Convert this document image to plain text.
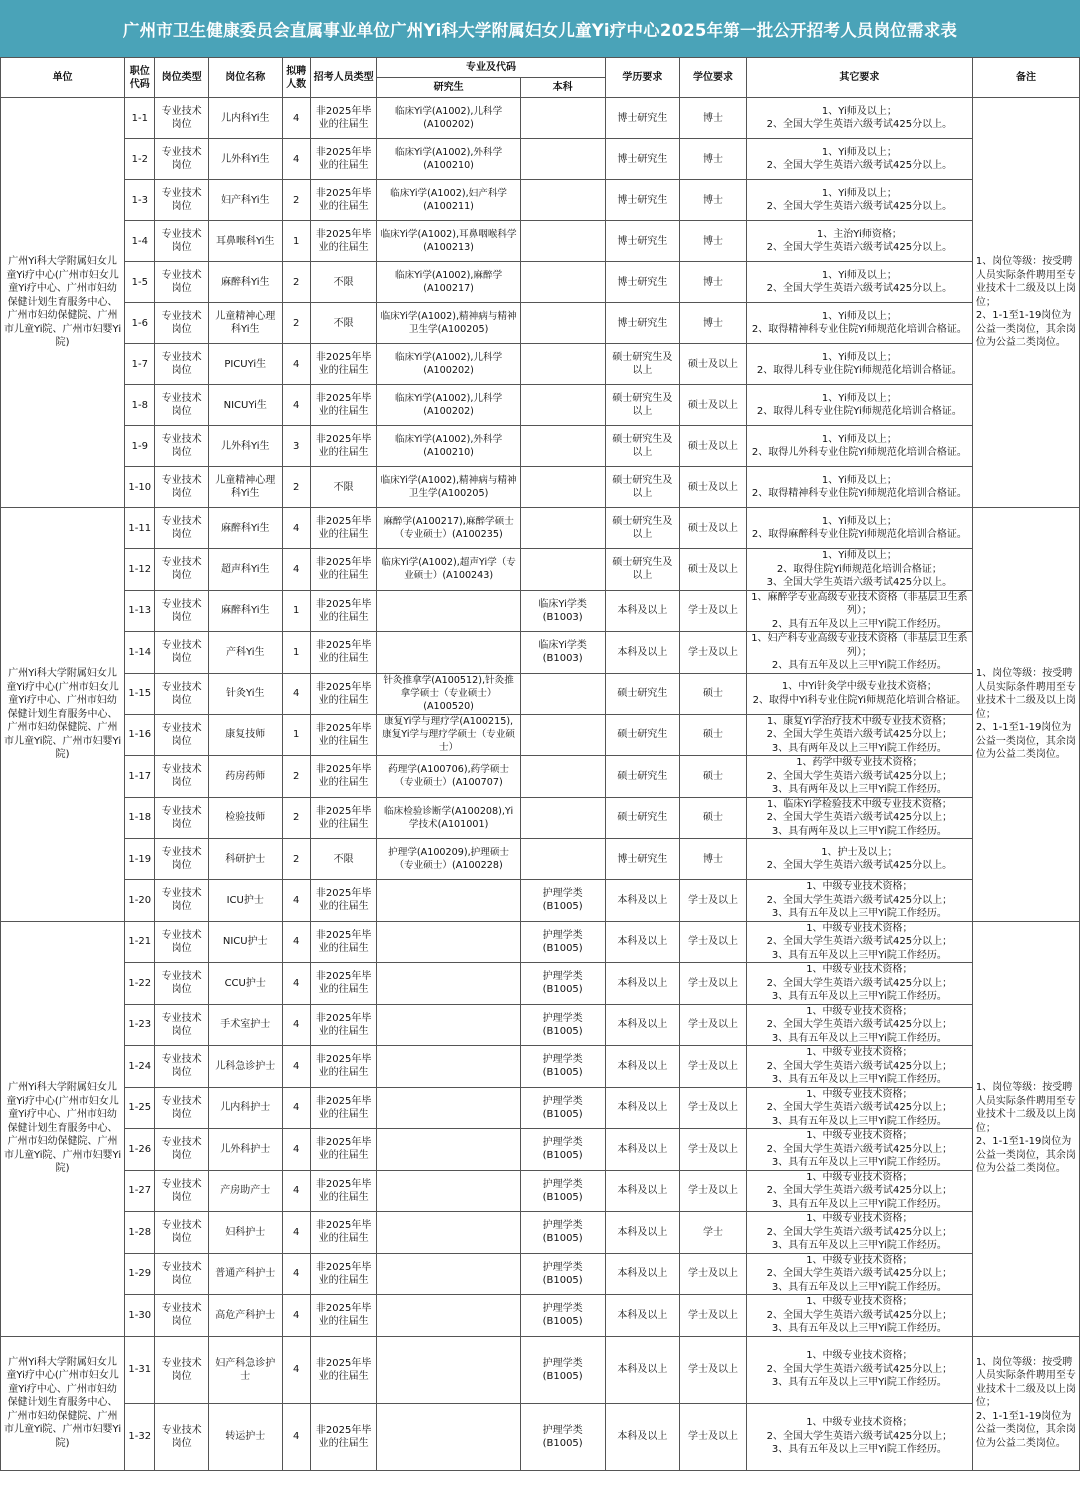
广州市卫生健康委员会直属事业单位广州Yi科大学附属妇女儿童Yi疗中心2025年第一批公开招考人员岗位需求表
单位	职位代码	岗位类型	岗位名称	拟聘人数	招考人员类型	专业及代码		学历要求	学位要求	其它要求	备注
						研究生	本科				
广州Yi科大学附属妇女儿童Yi疗中心(广州市妇女儿童Yi疗中心、广州市妇幼保健计划生育服务中心、广州市妇幼保健院、广州市儿童Yi院、广州市妇婴Yi院)	1-1	专业技术岗位	儿内科Yi生	4	非2025年毕业的往届生	临床Yi学(A1002),儿科学(A100202)		博士研究生	博士	1、Yi师及以上；
2、全国大学生英语六级考试425分以上。	1、岗位等级：按受聘人员实际条件聘用至专业技术十二级及以上岗位；
2、1-1至1-19岗位为公益一类岗位，其余岗位为公益二类岗位。
	1-2	专业技术岗位	儿外科Yi生	4	非2025年毕业的往届生	临床Yi学(A1002),外科学(A100210)		博士研究生	博士	1、Yi师及以上；
2、全国大学生英语六级考试425分以上。	
	1-3	专业技术岗位	妇产科Yi生	2	非2025年毕业的往届生	临床Yi学(A1002),妇产科学(A100211)		博士研究生	博士	1、Yi师及以上；
2、全国大学生英语六级考试425分以上。	
	1-4	专业技术岗位	耳鼻喉科Yi生	1	非2025年毕业的往届生	临床Yi学(A1002),耳鼻咽喉科学(A100213)		博士研究生	博士	1、主治Yi师资格；
2、全国大学生英语六级考试425分以上。	
	1-5	专业技术岗位	麻醉科Yi生	2	不限	临床Yi学(A1002),麻醉学(A100217)		博士研究生	博士	1、Yi师及以上；
2、全国大学生英语六级考试425分以上。	
	1-6	专业技术岗位	儿童精神心理科Yi生	2	不限	临床Yi学(A1002),精神病与精神卫生学(A100205)		博士研究生	博士	1、Yi师及以上；
2、取得精神科专业住院Yi师规范化培训合格证。	
	1-7	专业技术岗位	PICUYi生	4	非2025年毕业的往届生	临床Yi学(A1002),儿科学(A100202)		硕士研究生及以上	硕士及以上	1、Yi师及以上；
2、取得儿科专业住院Yi师规范化培训合格证。	
	1-8	专业技术岗位	NICUYi生	4	非2025年毕业的往届生	临床Yi学(A1002),儿科学(A100202)		硕士研究生及以上	硕士及以上	1、Yi师及以上；
2、取得儿科专业住院Yi师规范化培训合格证。	
	1-9	专业技术岗位	儿外科Yi生	3	非2025年毕业的往届生	临床Yi学(A1002),外科学(A100210)		硕士研究生及以上	硕士及以上	1、Yi师及以上；
2、取得儿外科专业住院Yi师规范化培训合格证。	
	1-10	专业技术岗位	儿童精神心理科Yi生	2	不限	临床Yi学(A1002),精神病与精神卫生学(A100205)		硕士研究生及以上	硕士及以上	1、Yi师及以上；
2、取得精神科专业住院Yi师规范化培训合格证。	
广州Yi科大学附属妇女儿童Yi疗中心(广州市妇女儿童Yi疗中心、广州市妇幼保健计划生育服务中心、广州市妇幼保健院、广州市儿童Yi院、广州市妇婴Yi院)	1-11	专业技术岗位	麻醉科Yi生	4	非2025年毕业的往届生	麻醉学(A100217),麻醉学硕士（专业硕士）(A100235)		硕士研究生及以上	硕士及以上	1、Yi师及以上；
2、取得麻醉科专业住院Yi师规范化培训合格证。	1、岗位等级：按受聘人员实际条件聘用至专业技术十二级及以上岗位；
2、1-1至1-19岗位为公益一类岗位，其余岗位为公益二类岗位。
	1-12	专业技术岗位	超声科Yi生	4	非2025年毕业的往届生	临床Yi学(A1002),超声Yi学（专业硕士）(A100243)		硕士研究生及以上	硕士及以上	1、Yi师及以上；
2、取得住院Yi师规范化培训合格证；
3、全国大学生英语六级考试425分以上。	
	1-13	专业技术岗位	麻醉科Yi生	1	非2025年毕业的往届生		临床Yi学类(B1003)	本科及以上	学士及以上	1、麻醉学专业高级专业技术资格（非基层卫生系列）；
2、具有五年及以上三甲Yi院工作经历。	
	1-14	专业技术岗位	产科Yi生	1	非2025年毕业的往届生		临床Yi学类(B1003)	本科及以上	学士及以上	1、妇产科专业高级专业技术资格（非基层卫生系列）；
2、具有五年及以上三甲Yi院工作经历。	
	1-15	专业技术岗位	针灸Yi生	4	非2025年毕业的往届生	针灸推拿学(A100512),针灸推拿学硕士（专业硕士）(A100520)		硕士研究生	硕士	1、中Yi针灸学中级专业技术资格；
2、取得中Yi科专业住院Yi师规范化培训合格证。	
	1-16	专业技术岗位	康复技师	1	非2025年毕业的往届生	康复Yi学与理疗学(A100215),康复Yi学与理疗学硕士（专业硕士）		硕士研究生	硕士	1、康复Yi学治疗技术中级专业技术资格；
2、全国大学生英语六级考试425分以上；
3、具有两年及以上三甲Yi院工作经历。	
	1-17	专业技术岗位	药房药师	2	非2025年毕业的往届生	药理学(A100706),药学硕士（专业硕士）(A100707)		硕士研究生	硕士	1、药学中级专业技术资格；
2、全国大学生英语六级考试425分以上；
3、具有两年及以上三甲Yi院工作经历。	
	1-18	专业技术岗位	检验技师	2	非2025年毕业的往届生	临床检验诊断学(A100208),Yi学技术(A101001)		硕士研究生	硕士	1、临床Yi学检验技术中级专业技术资格；
2、全国大学生英语六级考试425分以上；
3、具有两年及以上三甲Yi院工作经历。	
	1-19	专业技术岗位	科研护士	2	不限	护理学(A100209),护理硕士（专业硕士）(A100228)		博士研究生	博士	1、护士及以上；
2、全国大学生英语六级考试425分以上。	
	1-20	专业技术岗位	ICU护士	4	非2025年毕业的往届生		护理学类(B1005)	本科及以上	学士及以上	1、中级专业技术资格；
2、全国大学生英语六级考试425分以上；
3、具有五年及以上三甲Yi院工作经历。	
广州Yi科大学附属妇女儿童Yi疗中心(广州市妇女儿童Yi疗中心、广州市妇幼保健计划生育服务中心、广州市妇幼保健院、广州市儿童Yi院、广州市妇婴Yi院)	1-21	专业技术岗位	NICU护士	4	非2025年毕业的往届生		护理学类(B1005)	本科及以上	学士及以上	1、中级专业技术资格；
2、全国大学生英语六级考试425分以上；
3、具有五年及以上三甲Yi院工作经历。	1、岗位等级：按受聘人员实际条件聘用至专业技术十二级及以上岗位；
2、1-1至1-19岗位为公益一类岗位，其余岗位为公益二类岗位。
	1-22	专业技术岗位	CCU护士	4	非2025年毕业的往届生		护理学类(B1005)	本科及以上	学士及以上	1、中级专业技术资格；
2、全国大学生英语六级考试425分以上；
3、具有五年及以上三甲Yi院工作经历。	
	1-23	专业技术岗位	手术室护士	4	非2025年毕业的往届生		护理学类(B1005)	本科及以上	学士及以上	1、中级专业技术资格；
2、全国大学生英语六级考试425分以上；
3、具有五年及以上三甲Yi院工作经历。	
	1-24	专业技术岗位	儿科急诊护士	4	非2025年毕业的往届生		护理学类(B1005)	本科及以上	学士及以上	1、中级专业技术资格；
2、全国大学生英语六级考试425分以上；
3、具有五年及以上三甲Yi院工作经历。	
	1-25	专业技术岗位	儿内科护士	4	非2025年毕业的往届生		护理学类(B1005)	本科及以上	学士及以上	1、中级专业技术资格；
2、全国大学生英语六级考试425分以上；
3、具有五年及以上三甲Yi院工作经历。	
	1-26	专业技术岗位	儿外科护士	4	非2025年毕业的往届生		护理学类(B1005)	本科及以上	学士及以上	1、中级专业技术资格；
2、全国大学生英语六级考试425分以上；
3、具有五年及以上三甲Yi院工作经历。	
	1-27	专业技术岗位	产房助产士	4	非2025年毕业的往届生		护理学类(B1005)	本科及以上	学士及以上	1、中级专业技术资格；
2、全国大学生英语六级考试425分以上；
3、具有五年及以上三甲Yi院工作经历。	
	1-28	专业技术岗位	妇科护士	4	非2025年毕业的往届生		护理学类(B1005)	本科及以上	学士	1、中级专业技术资格；
2、全国大学生英语六级考试425分以上；
3、具有五年及以上三甲Yi院工作经历。	
	1-29	专业技术岗位	普通产科护士	4	非2025年毕业的往届生		护理学类(B1005)	本科及以上	学士及以上	1、中级专业技术资格；
2、全国大学生英语六级考试425分以上；
3、具有五年及以上三甲Yi院工作经历。	
	1-30	专业技术岗位	高危产科护士	4	非2025年毕业的往届生		护理学类(B1005)	本科及以上	学士及以上	1、中级专业技术资格；
2、全国大学生英语六级考试425分以上；
3、具有五年及以上三甲Yi院工作经历。	
广州Yi科大学附属妇女儿童Yi疗中心(广州市妇女儿童Yi疗中心、广州市妇幼保健计划生育服务中心、广州市妇幼保健院、广州市儿童Yi院、广州市妇婴Yi院)	1-31	专业技术岗位	妇产科急诊护士	4	非2025年毕业的往届生		护理学类(B1005)	本科及以上	学士及以上	1、中级专业技术资格；
2、全国大学生英语六级考试425分以上；
3、具有五年及以上三甲Yi院工作经历。	1、岗位等级：按受聘人员实际条件聘用至专业技术十二级及以上岗位；
2、1-1至1-19岗位为公益一类岗位，其余岗位为公益二类岗位。
	1-32	专业技术岗位	转运护士	4	非2025年毕业的往届生		护理学类(B1005)	本科及以上	学士及以上	1、中级专业技术资格；
2、全国大学生英语六级考试425分以上；
3、具有五年及以上三甲Yi院工作经历。	
